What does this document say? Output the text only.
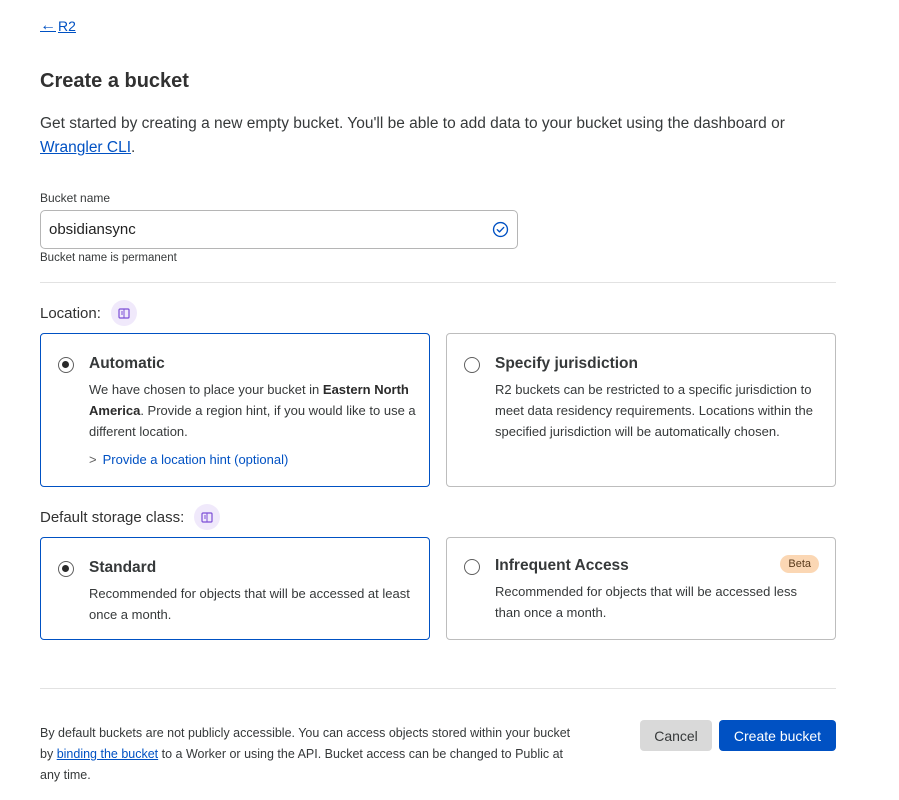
← R2
Create a bucket

Get started by creating a new empty bucket. You'll be able to add data to your bucket using the dashboard or Wrangler CLI.

Bucket name
obsidiansync
Bucket name is permanent
Location:
Automatic
We have chosen to place your bucket in Eastern North America. Provide a region hint, if you would like to use a different location.
> Provide a location hint (optional)
Specify jurisdiction
R2 buckets can be restricted to a specific jurisdiction to meet data residency requirements. Locations within the specified jurisdiction will be automatically chosen.
Default storage class:
Standard
Recommended for objects that will be accessed at least once a month.
Infrequent Access	Beta
Recommended for objects that will be accessed less than once a month.

By default buckets are not publicly accessible. You can access objects stored within your bucket by binding the bucket to a Worker or using the API. Bucket access can be changed to Public at any time.

Cancel	Create bucket
